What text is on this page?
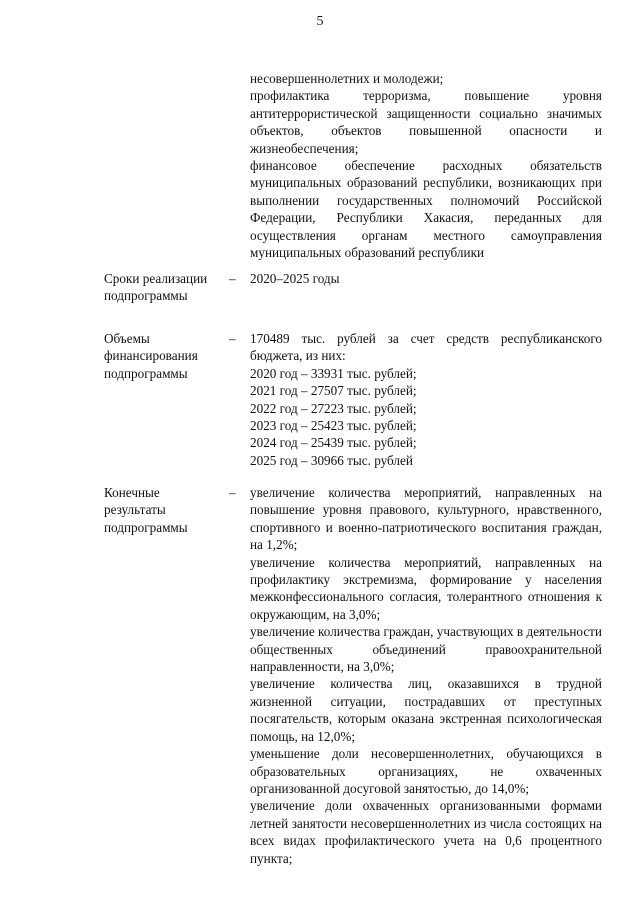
5

несовершеннолетних и молодежи;

профилактика терроризма, повышение уровня антитеррористической защищенности социально значимых объектов, объектов повышенной опасности и жизнеобеспечения;

финансовое обеспечение расходных обязательств муниципальных образований республики, возникающих при выполнении государственных полномочий Российской Федерации, Республики Хакасия, переданных для осуществления органам местного самоуправления муниципальных образований республики

Сроки реализации подпрограммы
– 2020–2025 годы
Объемы финансирования подпрограммы
– 170489 тыс. рублей за счет средств республиканского бюджета, из них:

2020 год – 33931 тыс. рублей;
2021 год – 27507 тыс. рублей;
2022 год – 27223 тыс. рублей;
2023 год – 25423 тыс. рублей;
2024 год – 25439 тыс. рублей;
2025 год – 30966 тыс. рублей
Конечные результаты подпрограммы
– увеличение количества мероприятий, направленных на повышение уровня правового, культурного, нравственного, спортивного и военно-патриотического воспитания граждан, на 1,2%;

увеличение количества мероприятий, направленных на профилактику экстремизма, формирование у населения межконфессионального согласия, толерантного отношения к окружающим, на 3,0%;

увеличение количества граждан, участвующих в деятельности общественных объединений правоохранительной направленности, на 3,0%;

увеличение количества лиц, оказавшихся в трудной жизненной ситуации, пострадавших от преступных посягательств, которым оказана экстренная психологическая помощь, на 12,0%;

уменьшение доли несовершеннолетних, обучающихся в образовательных организациях, не охваченных организованной досуговой занятостью, до 14,0%;

увеличение доли охваченных организованными формами летней занятости несовершеннолетних из числа состоящих на всех видах профилактического учета на 0,6 процентного пункта;
